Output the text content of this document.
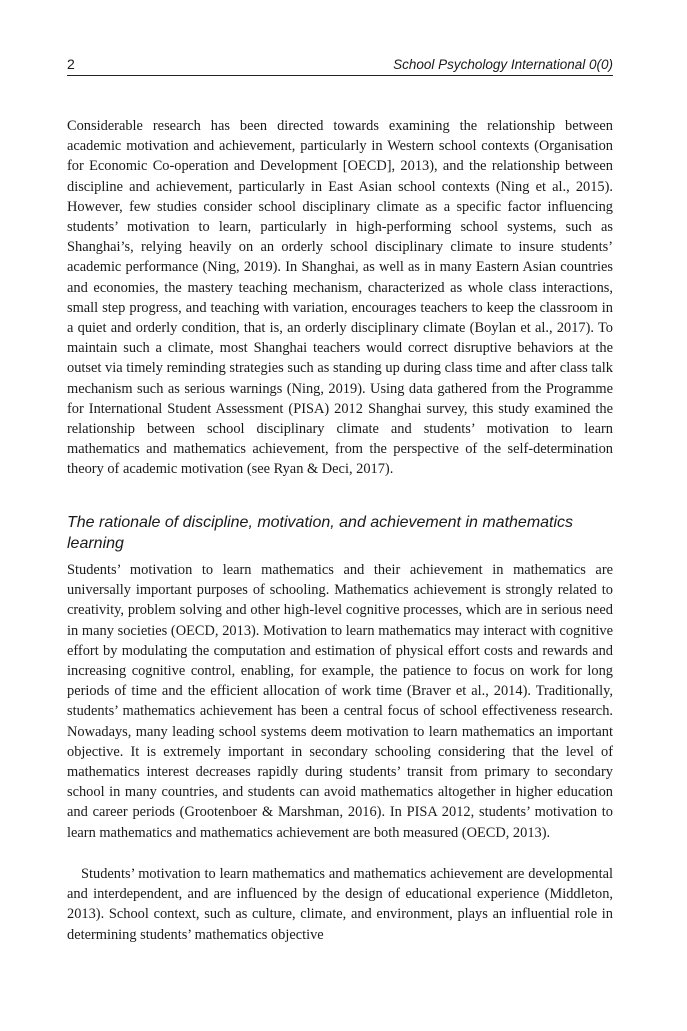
2	School Psychology International 0(0)

Considerable research has been directed towards examining the relationship between academic motivation and achievement, particularly in Western school contexts (Organisation for Economic Co-operation and Development [OECD], 2013), and the relationship between discipline and achievement, particularly in East Asian school contexts (Ning et al., 2015). However, few studies consider school disciplinary climate as a specific factor influencing students’ motivation to learn, particularly in high-performing school systems, such as Shanghai’s, relying heavily on an orderly school disciplinary climate to insure students’ academic performance (Ning, 2019). In Shanghai, as well as in many Eastern Asian countries and economies, the mastery teaching mechanism, characterized as whole class interactions, small step progress, and teaching with variation, encourages teachers to keep the classroom in a quiet and orderly condition, that is, an orderly disciplinary climate (Boylan et al., 2017). To maintain such a climate, most Shanghai teachers would correct disruptive behaviors at the outset via timely reminding strategies such as standing up during class time and after class talk mechanism such as serious warnings (Ning, 2019). Using data gathered from the Programme for International Student Assessment (PISA) 2012 Shanghai survey, this study examined the relationship between school disciplinary climate and students’ motivation to learn mathematics and mathematics achievement, from the perspective of the self-determination theory of academic motivation (see Ryan & Deci, 2017).

The rationale of discipline, motivation, and achievement in mathematics learning

Students’ motivation to learn mathematics and their achievement in mathematics are universally important purposes of schooling. Mathematics achievement is strongly related to creativity, problem solving and other high-level cognitive processes, which are in serious need in many societies (OECD, 2013). Motivation to learn mathematics may interact with cognitive effort by modulating the computation and estimation of physical effort costs and rewards and increasing cognitive control, enabling, for example, the patience to focus on work for long periods of time and the efficient allocation of work time (Braver et al., 2014). Traditionally, students’ mathematics achievement has been a central focus of school effectiveness research. Nowadays, many leading school systems deem motivation to learn mathematics an important objective. It is extremely important in secondary schooling considering that the level of mathematics interest decreases rapidly during students’ transit from primary to secondary school in many countries, and students can avoid mathematics altogether in higher education and career periods (Grootenboer & Marshman, 2016). In PISA 2012, students’ motivation to learn mathematics and mathematics achievement are both measured (OECD, 2013).

Students’ motivation to learn mathematics and mathematics achievement are developmental and interdependent, and are influenced by the design of educational experience (Middleton, 2013). School context, such as culture, climate, and environment, plays an influential role in determining students’ mathematics objective
